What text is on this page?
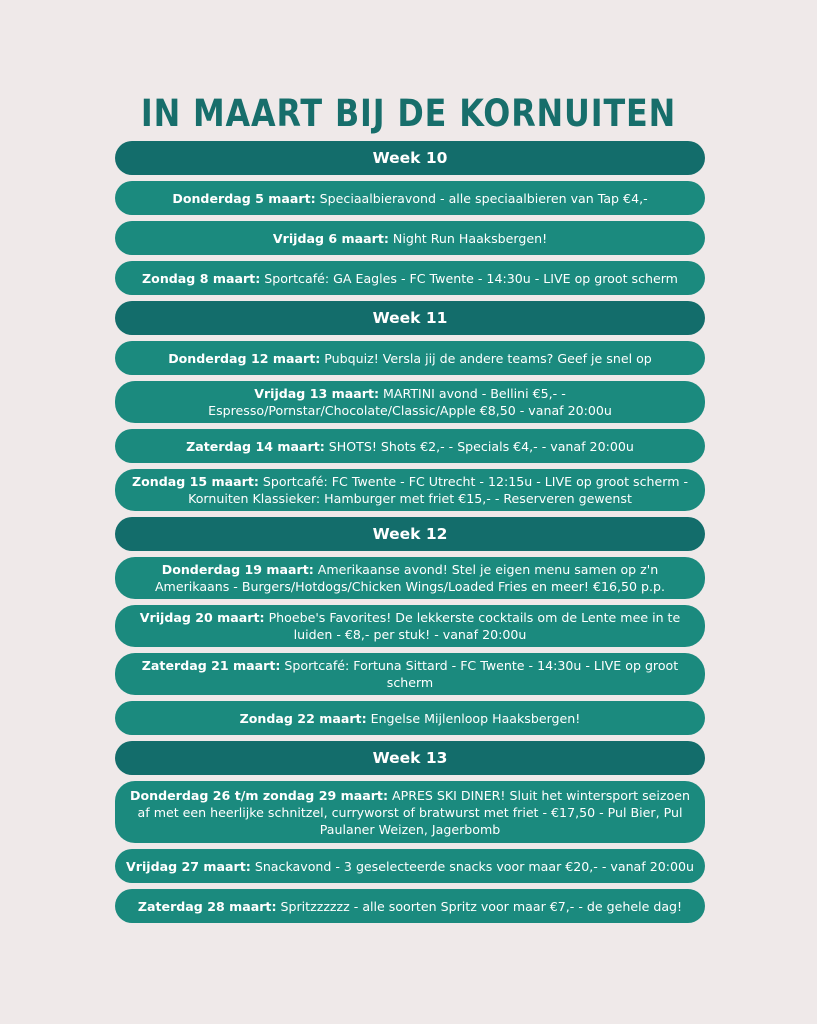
IN MAART BIJ DE KORNUITEN
Week 10
Donderdag 5 maart: Speciaalbieravond - alle speciaalbieren van Tap €4,-
Vrijdag 6 maart: Night Run Haaksbergen!
Zondag 8 maart: Sportcafé: GA Eagles - FC Twente - 14:30u - LIVE op groot scherm
Week 11
Donderdag 12 maart: Pubquiz! Versla jij de andere teams? Geef je snel op
Vrijdag 13 maart: MARTINI avond - Bellini €5,- - Espresso/Pornstar/Chocolate/Classic/Apple €8,50 - vanaf 20:00u
Zaterdag 14 maart: SHOTS! Shots €2,- - Specials €4,- - vanaf 20:00u
Zondag 15 maart: Sportcafé: FC Twente - FC Utrecht - 12:15u - LIVE op groot scherm - Kornuiten Klassieker: Hamburger met friet €15,- - Reserveren gewenst
Week 12
Donderdag 19 maart: Amerikaanse avond! Stel je eigen menu samen op z'n Amerikaans - Burgers/Hotdogs/Chicken Wings/Loaded Fries en meer! €16,50 p.p.
Vrijdag 20 maart: Phoebe's Favorites! De lekkerste cocktails om de Lente mee in te luiden - €8,- per stuk! - vanaf 20:00u
Zaterdag 21 maart: Sportcafé: Fortuna Sittard - FC Twente - 14:30u - LIVE op groot scherm
Zondag 22 maart: Engelse Mijlenloop Haaksbergen!
Week 13
Donderdag 26 t/m zondag 29 maart: APRES SKI DINER! Sluit het wintersport seizoen af met een heerlijke schnitzel, curryworst of bratwurst met friet - €17,50 - Pul Bier, Pul Paulaner Weizen, Jagerbomb
Vrijdag 27 maart: Snackavond - 3 geselecteerde snacks voor maar €20,- - vanaf 20:00u
Zaterdag 28 maart: Spritzzzzzz - alle soorten Spritz voor maar €7,- - de gehele dag!
